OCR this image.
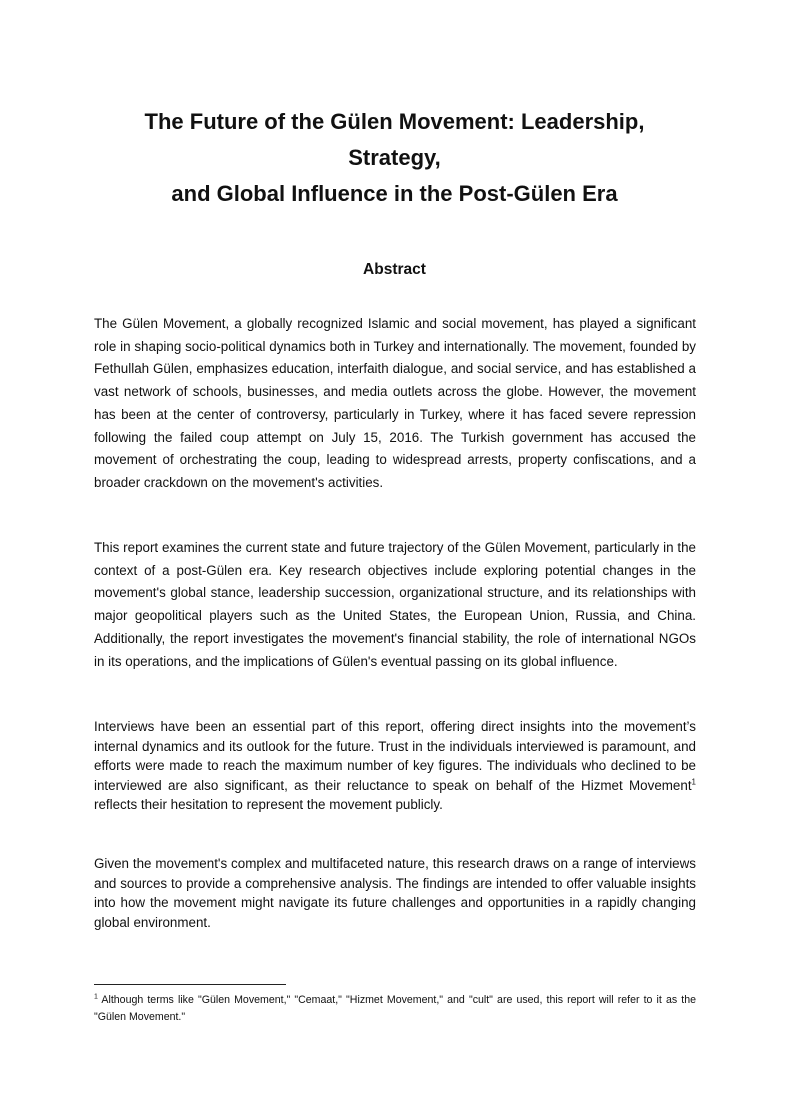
The Future of the Gülen Movement: Leadership,
Strategy,
and Global Influence in the Post-Gülen Era
Abstract

The Gülen Movement, a globally recognized Islamic and social movement, has played a significant role in shaping socio-political dynamics both in Turkey and internationally. The movement, founded by Fethullah Gülen, emphasizes education, interfaith dialogue, and social service, and has established a vast network of schools, businesses, and media outlets across the globe. However, the movement has been at the center of controversy, particularly in Turkey, where it has faced severe repression following the failed coup attempt on July 15, 2016. The Turkish government has accused the movement of orchestrating the coup, leading to widespread arrests, property confiscations, and a broader crackdown on the movement's activities.

This report examines the current state and future trajectory of the Gülen Movement, particularly in the context of a post-Gülen era. Key research objectives include exploring potential changes in the movement's global stance, leadership succession, organizational structure, and its relationships with major geopolitical players such as the United States, the European Union, Russia, and China. Additionally, the report investigates the movement's financial stability, the role of international NGOs in its operations, and the implications of Gülen's eventual passing on its global influence.

Interviews have been an essential part of this report, offering direct insights into the movement’s internal dynamics and its outlook for the future. Trust in the individuals interviewed is paramount, and efforts were made to reach the maximum number of key figures. The individuals who declined to be interviewed are also significant, as their reluctance to speak on behalf of the Hizmet Movement$^1$ reflects their hesitation to represent the movement publicly.

Given the movement's complex and multifaceted nature, this research draws on a range of interviews and sources to provide a comprehensive analysis. The findings are intended to offer valuable insights into how the movement might navigate its future challenges and opportunities in a rapidly changing global environment.

$^1$ Although terms like "Gülen Movement," "Cemaat," "Hizmet Movement," and "cult" are used, this report will refer to it as the "Gülen Movement."
